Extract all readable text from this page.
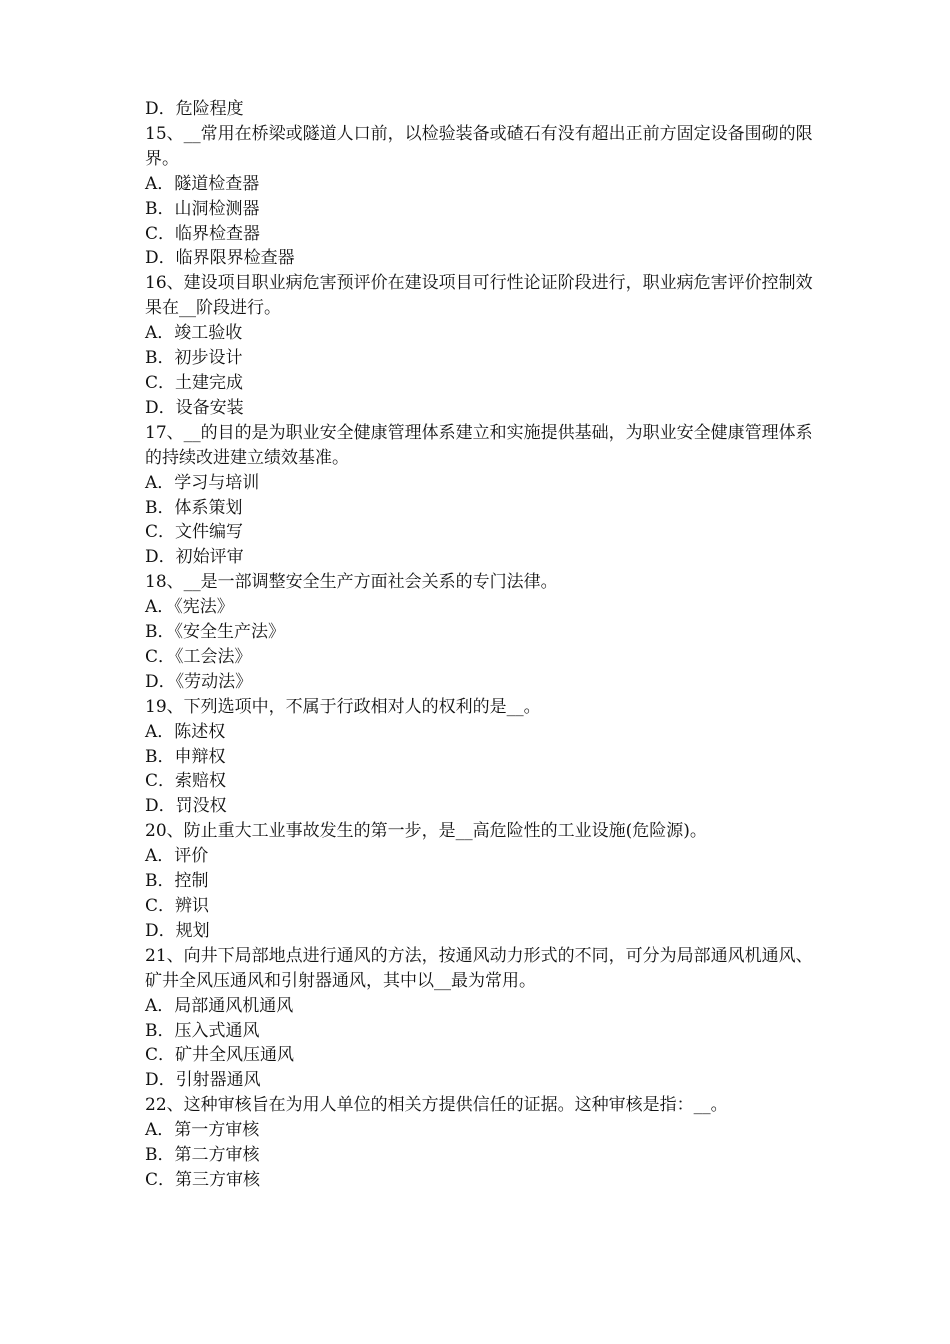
D．危险程度
15、__常用在桥梁或隧道人口前，以检验装备或碴石有没有超出正前方固定设备围砌的限界。
A．隧道检查器
B．山洞检测器
C．临界检查器
D．临界限界检查器
16、建设项目职业病危害预评价在建设项目可行性论证阶段进行，职业病危害评价控制效果在__阶段进行。
A．竣工验收
B．初步设计
C．土建完成
D．设备安装
17、__的目的是为职业安全健康管理体系建立和实施提供基础，为职业安全健康管理体系的持续改进建立绩效基准。
A．学习与培训
B．体系策划
C．文件编写
D．初始评审
18、__是一部调整安全生产方面社会关系的专门法律。
A．《宪法》
B．《安全生产法》
C．《工会法》
D．《劳动法》
19、下列选项中，不属于行政相对人的权利的是__。
A．陈述权
B．申辩权
C．索赔权
D．罚没权
20、防止重大工业事故发生的第一步，是__高危险性的工业设施(危险源)。
A．评价
B．控制
C．辨识
D．规划
21、向井下局部地点进行通风的方法，按通风动力形式的不同，可分为局部通风机通风、矿井全风压通风和引射器通风，其中以__最为常用。
A．局部通风机通风
B．压入式通风
C．矿井全风压通风
D．引射器通风
22、这种审核旨在为用人单位的相关方提供信任的证据。这种审核是指：__。
A．第一方审核
B．第二方审核
C．第三方审核
